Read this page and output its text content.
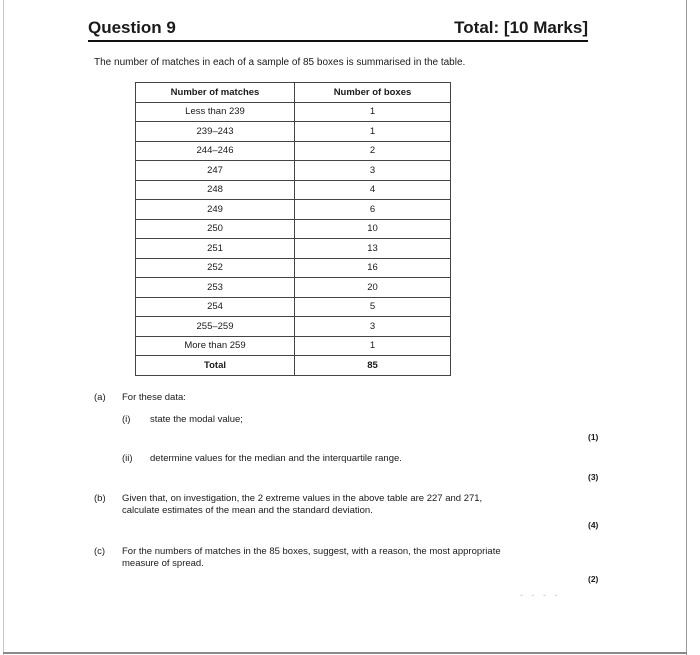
Question 9	Total: [10 Marks]
The number of matches in each of a sample of 85 boxes is summarised in the table.
Number of matches	Number of boxes
Less than 239	1
239–243	1
244–246	2
247	3
248	4
249	6
250	10
251	13
252	16
253	20
254	5
255–259	3
More than 259	1
Total	85
(a) For these data:
(i) state the modal value;
(1)
(ii) determine values for the median and the interquartile range.
(3)
(b) Given that, on investigation, the 2 extreme values in the above table are 227 and 271,
calculate estimates of the mean and the standard deviation.
(4)
(c) For the numbers of matches in the 85 boxes, suggest, with a reason, the most appropriate
measure of spread.
(2)
- - - -
